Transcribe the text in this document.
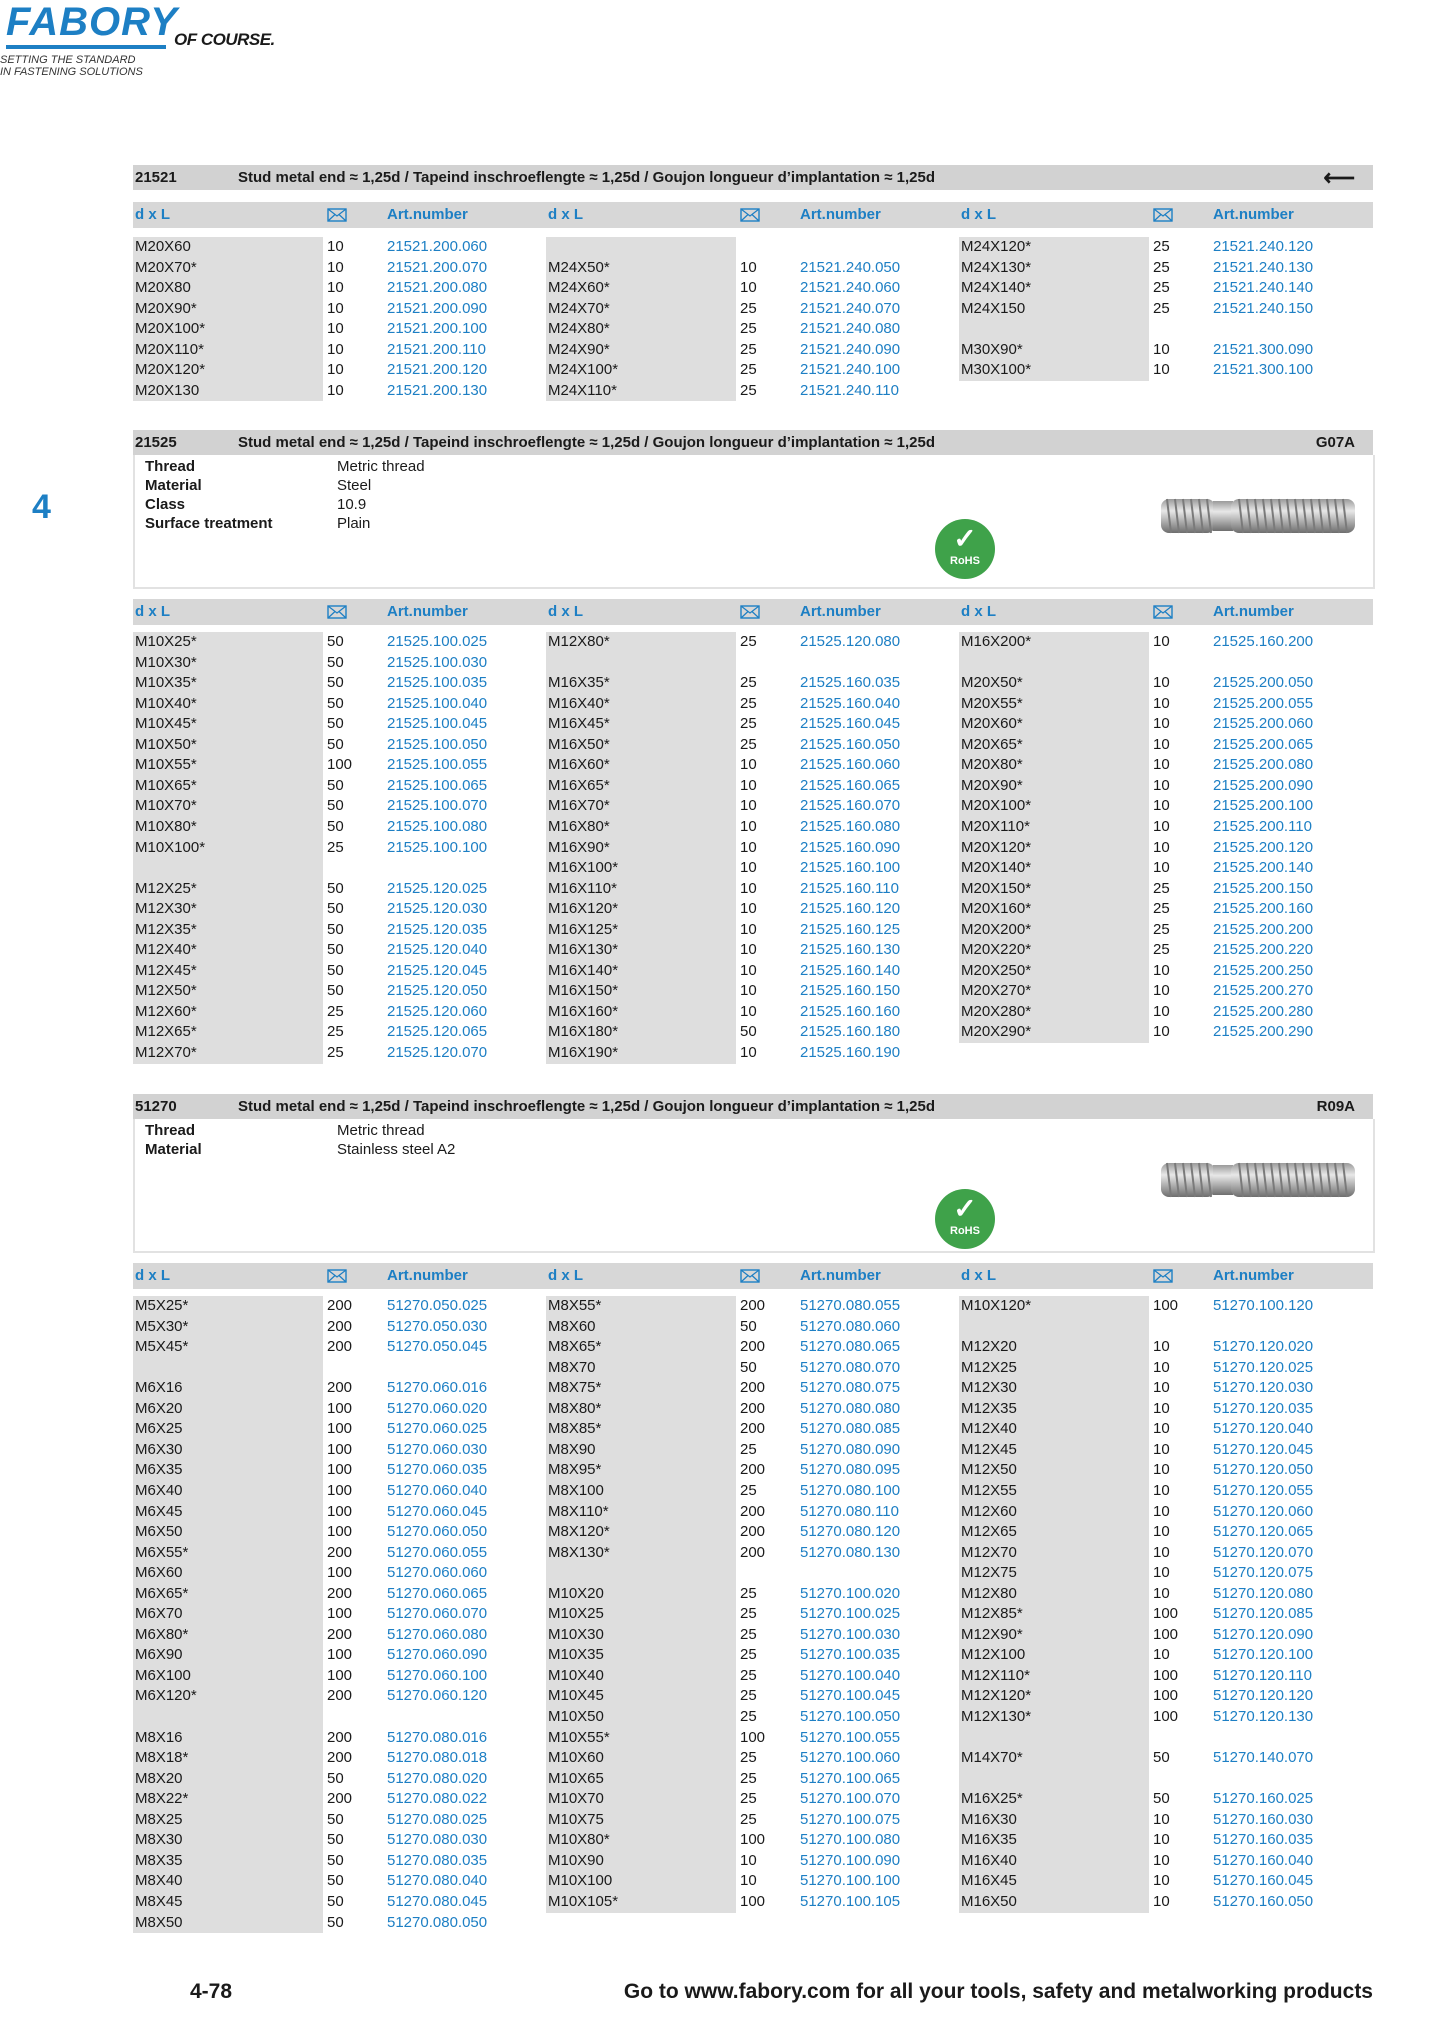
FABORY
OF COURSE.
SETTING THE STANDARD
IN FASTENING SOLUTIONS
4
21521	Stud metal end ≈ 1,25d / Tapeind inschroeflengte ≈ 1,25d / Goujon longueur d’implantation ≈ 1,25d	⟵
d x L	Art.number	d x L	Art.number	d x L	Art.number
M20X60	10	21521.200.060
M20X70*	10	21521.200.070
M20X80	10	21521.200.080
M20X90*	10	21521.200.090
M20X100*	10	21521.200.100
M20X110*	10	21521.200.110
M20X120*	10	21521.200.120
M20X130	10	21521.200.130
M24X50*	10	21521.240.050
M24X60*	10	21521.240.060
M24X70*	25	21521.240.070
M24X80*	25	21521.240.080
M24X90*	25	21521.240.090
M24X100*	25	21521.240.100
M24X110*	25	21521.240.110
M24X120*	25	21521.240.120
M24X130*	25	21521.240.130
M24X140*	25	21521.240.140
M24X150	25	21521.240.150
M30X90*	10	21521.300.090
M30X100*	10	21521.300.100
21525	Stud metal end ≈ 1,25d / Tapeind inschroeflengte ≈ 1,25d / Goujon longueur d’implantation ≈ 1,25d	G07A
Thread	Metric thread
Material	Steel
Class	10.9
Surface treatment	Plain	✓
RoHS
d x L	Art.number	d x L	Art.number	d x L	Art.number
M10X25*	50	21525.100.025
M10X30*	50	21525.100.030
M10X35*	50	21525.100.035
M10X40*	50	21525.100.040
M10X45*	50	21525.100.045
M10X50*	50	21525.100.050
M10X55*	100 21525.100.055
M10X65*	50	21525.100.065
M10X70*	50	21525.100.070
M10X80*	50	21525.100.080
M10X100*	25	21525.100.100
M12X25*	50	21525.120.025
M12X30*	50	21525.120.030
M12X35*	50	21525.120.035
M12X40*	50	21525.120.040
M12X45*	50	21525.120.045
M12X50*	50	21525.120.050
M12X60*	25	21525.120.060
M12X65*	25	21525.120.065
M12X70*	25	21525.120.070
M12X80*	25	21525.120.080
M16X35*	25	21525.160.035
M16X40*	25	21525.160.040
M16X45*	25	21525.160.045
M16X50*	25	21525.160.050
M16X60*	10	21525.160.060
M16X65*	10	21525.160.065
M16X70*	10	21525.160.070
M16X80*	10	21525.160.080
M16X90*	10	21525.160.090
M16X100*	10	21525.160.100
M16X110*	10	21525.160.110
M16X120*	10	21525.160.120
M16X125*	10	21525.160.125
M16X130*	10	21525.160.130
M16X140*	10	21525.160.140
M16X150*	10	21525.160.150
M16X160*	10	21525.160.160
M16X180*	50	21525.160.180
M16X190*	10	21525.160.190
M16X200*	10	21525.160.200
M20X50*	10	21525.200.050
M20X55*	10	21525.200.055
M20X60*	10	21525.200.060
M20X65*	10	21525.200.065
M20X80*	10	21525.200.080
M20X90*	10	21525.200.090
M20X100*	10	21525.200.100
M20X110*	10	21525.200.110
M20X120*	10	21525.200.120
M20X140*	10	21525.200.140
M20X150*	25	21525.200.150
M20X160*	25	21525.200.160
M20X200*	25	21525.200.200
M20X220*	25	21525.200.220
M20X250*	10	21525.200.250
M20X270*	10	21525.200.270
M20X280*	10	21525.200.280
M20X290*	10	21525.200.290
51270	Stud metal end ≈ 1,25d / Tapeind inschroeflengte ≈ 1,25d / Goujon longueur d’implantation ≈ 1,25d	R09A
Thread	Metric thread
Material	Stainless steel A2
✓
RoHS
d x L	Art.number	d x L	Art.number	d x L	Art.number
M5X25*	200 51270.050.025
M5X30*	200 51270.050.030
M5X45*	200 51270.050.045
M6X16	200 51270.060.016
M6X20	100 51270.060.020
M6X25	100 51270.060.025
M6X30	100 51270.060.030
M6X35	100 51270.060.035
M6X40	100 51270.060.040
M6X45	100 51270.060.045
M6X50	100 51270.060.050
M6X55*	200 51270.060.055
M6X60	100 51270.060.060
M6X65*	200 51270.060.065
M6X70	100 51270.060.070
M6X80*	200 51270.060.080
M6X90	100 51270.060.090
M6X100	100 51270.060.100
M6X120*	200 51270.060.120
M8X16	200 51270.080.016
M8X18*	200 51270.080.018
M8X20	50	51270.080.020
M8X22*	200 51270.080.022
M8X25	50	51270.080.025
M8X30	50	51270.080.030
M8X35	50	51270.080.035
M8X40	50	51270.080.040
M8X45	50	51270.080.045
M8X50	50	51270.080.050
M8X55*	200 51270.080.055
M8X60	50	51270.080.060
M8X65*	200 51270.080.065
M8X70	50	51270.080.070
M8X75*	200 51270.080.075
M8X80*	200 51270.080.080
M8X85*	200 51270.080.085
M8X90	25	51270.080.090
M8X95*	200 51270.080.095
M8X100	25	51270.080.100
M8X110*	200 51270.080.110
M8X120*	200 51270.080.120
M8X130*	200 51270.080.130
M10X20	25	51270.100.020
M10X25	25	51270.100.025
M10X30	25	51270.100.030
M10X35	25	51270.100.035
M10X40	25	51270.100.040
M10X45	25	51270.100.045
M10X50	25	51270.100.050
M10X55*	100 51270.100.055
M10X60	25	51270.100.060
M10X65	25	51270.100.065
M10X70	25	51270.100.070
M10X75	25	51270.100.075
M10X80*	100 51270.100.080
M10X90	10	51270.100.090
M10X100	10	51270.100.100
M10X105*	100 51270.100.105
M10X120*	100 51270.100.120
M12X20	10	51270.120.020
M12X25	10	51270.120.025
M12X30	10	51270.120.030
M12X35	10	51270.120.035
M12X40	10	51270.120.040
M12X45	10	51270.120.045
M12X50	10	51270.120.050
M12X55	10	51270.120.055
M12X60	10	51270.120.060
M12X65	10	51270.120.065
M12X70	10	51270.120.070
M12X75	10	51270.120.075
M12X80	10	51270.120.080
M12X85*	100 51270.120.085
M12X90*	100 51270.120.090
M12X100	10	51270.120.100
M12X110*	100 51270.120.110
M12X120*	100 51270.120.120
M12X130*	100 51270.120.130
M14X70*	50	51270.140.070
M16X25*	50	51270.160.025
M16X30	10	51270.160.030
M16X35	10	51270.160.035
M16X40	10	51270.160.040
M16X45	10	51270.160.045
M16X50	10	51270.160.050
4-78	Go to www.fabory.com for all your tools, safety and metalworking products
